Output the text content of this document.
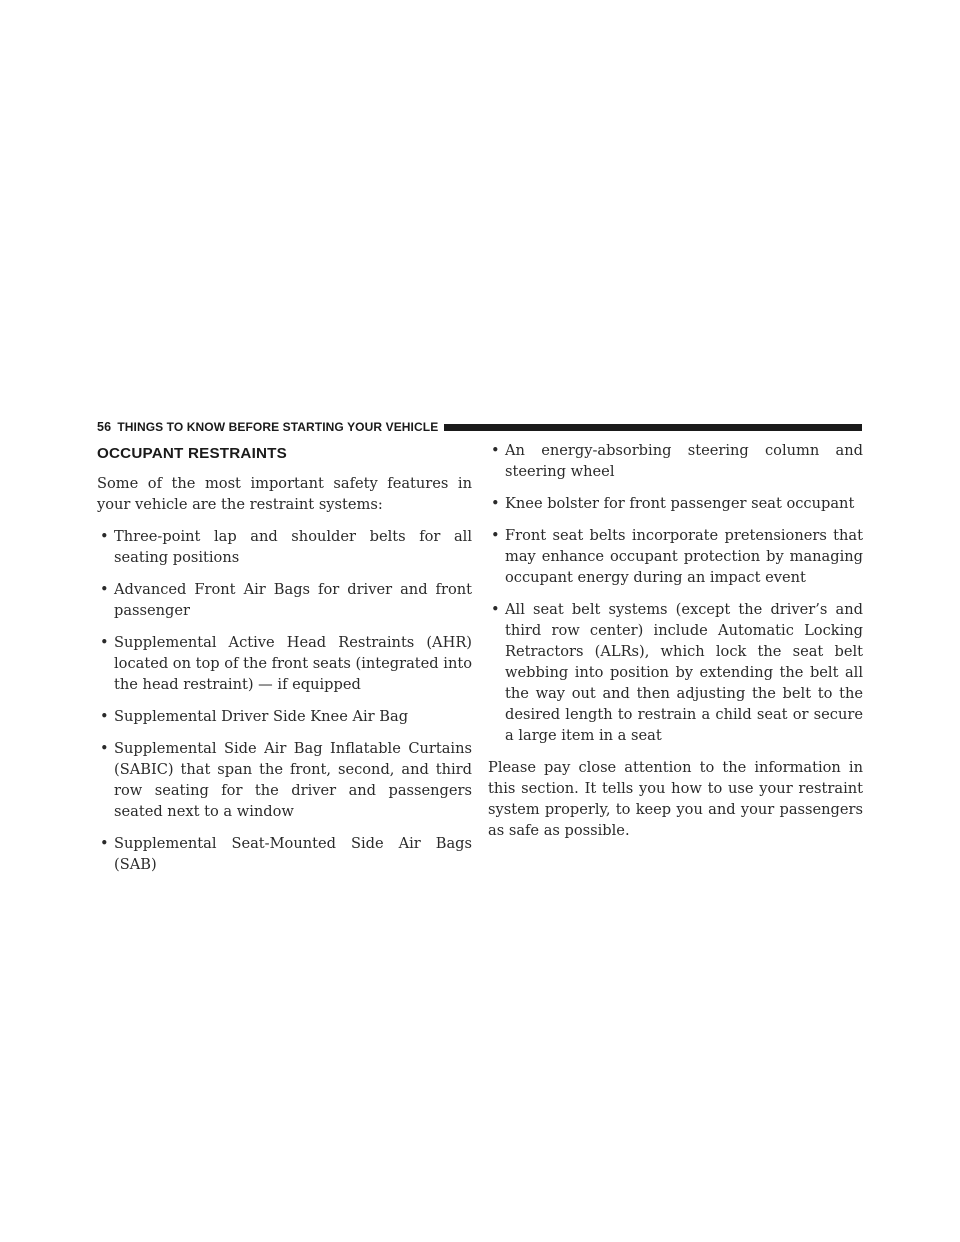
56 THINGS TO KNOW BEFORE STARTING YOUR VEHICLE
OCCUPANT RESTRAINTS

Some of the most important safety features in your vehicle are the restraint systems:

• Three-point lap and shoulder belts for all seating positions
• Advanced Front Air Bags for driver and front passenger
• Supplemental Active Head Restraints (AHR) located on top of the front seats (integrated into the head restraint) — if equipped
• Supplemental Driver Side Knee Air Bag
• Supplemental Side Air Bag Inflatable Curtains (SABIC) that span the front, second, and third row seating for the driver and passengers seated next to a window
• Supplemental Seat-Mounted Side Air Bags (SAB)
• An energy-absorbing steering column and steering wheel
• Knee bolster for front passenger seat occupant
• Front seat belts incorporate pretensioners that may enhance occupant protection by managing occupant energy during an impact event
• All seat belt systems (except the driver’s and third row center) include Automatic Locking Retractors (ALRs), which lock the seat belt webbing into position by extending the belt all the way out and then adjusting the belt to the desired length to restrain a child seat or secure a large item in a seat

Please pay close attention to the information in this section. It tells you how to use your restraint system properly, to keep you and your passengers as safe as possible.
